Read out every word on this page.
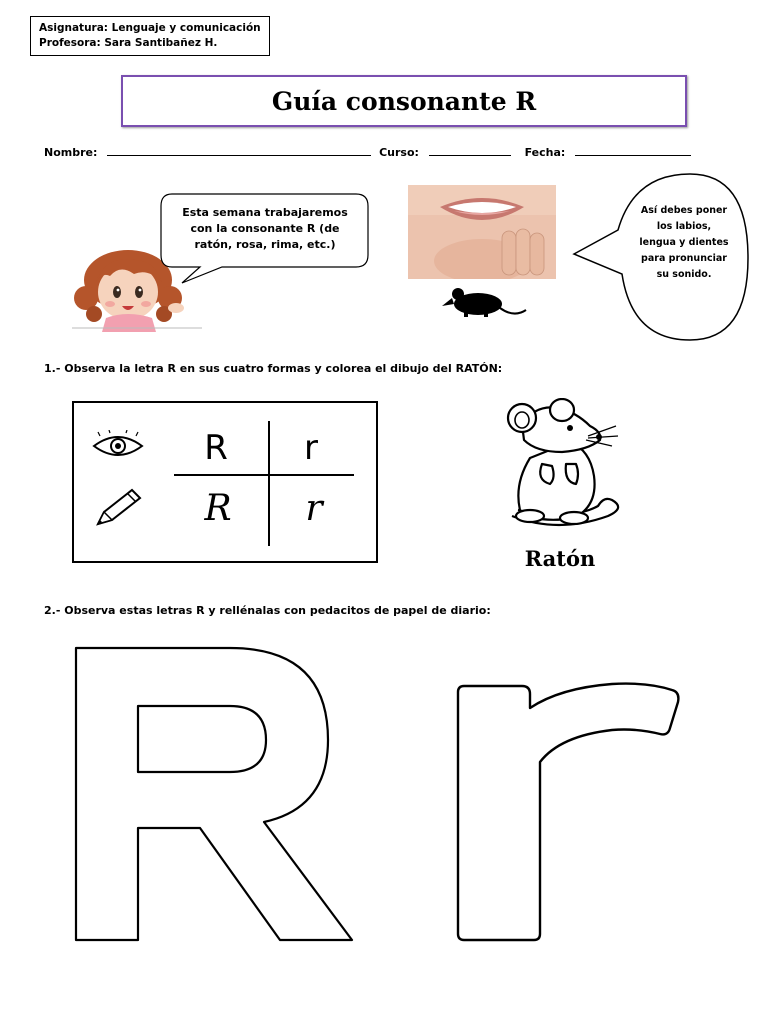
Asignatura: Lenguaje y comunicación
Profesora: Sara Santibañez H.
Guía consonante R
Nombre:	Curso:	Fecha:
Esta semana trabajaremos con la consonante R (de ratón, rosa, rima, etc.)
Así debes poner los labios, lengua y dientes para pronunciar su sonido.
1.- Observa la letra R en sus cuatro formas y colorea el dibujo del RATÓN:
R	r
R	r
Ratón
2.- Observa estas letras R y rellénalas con pedacitos de papel de diario:
